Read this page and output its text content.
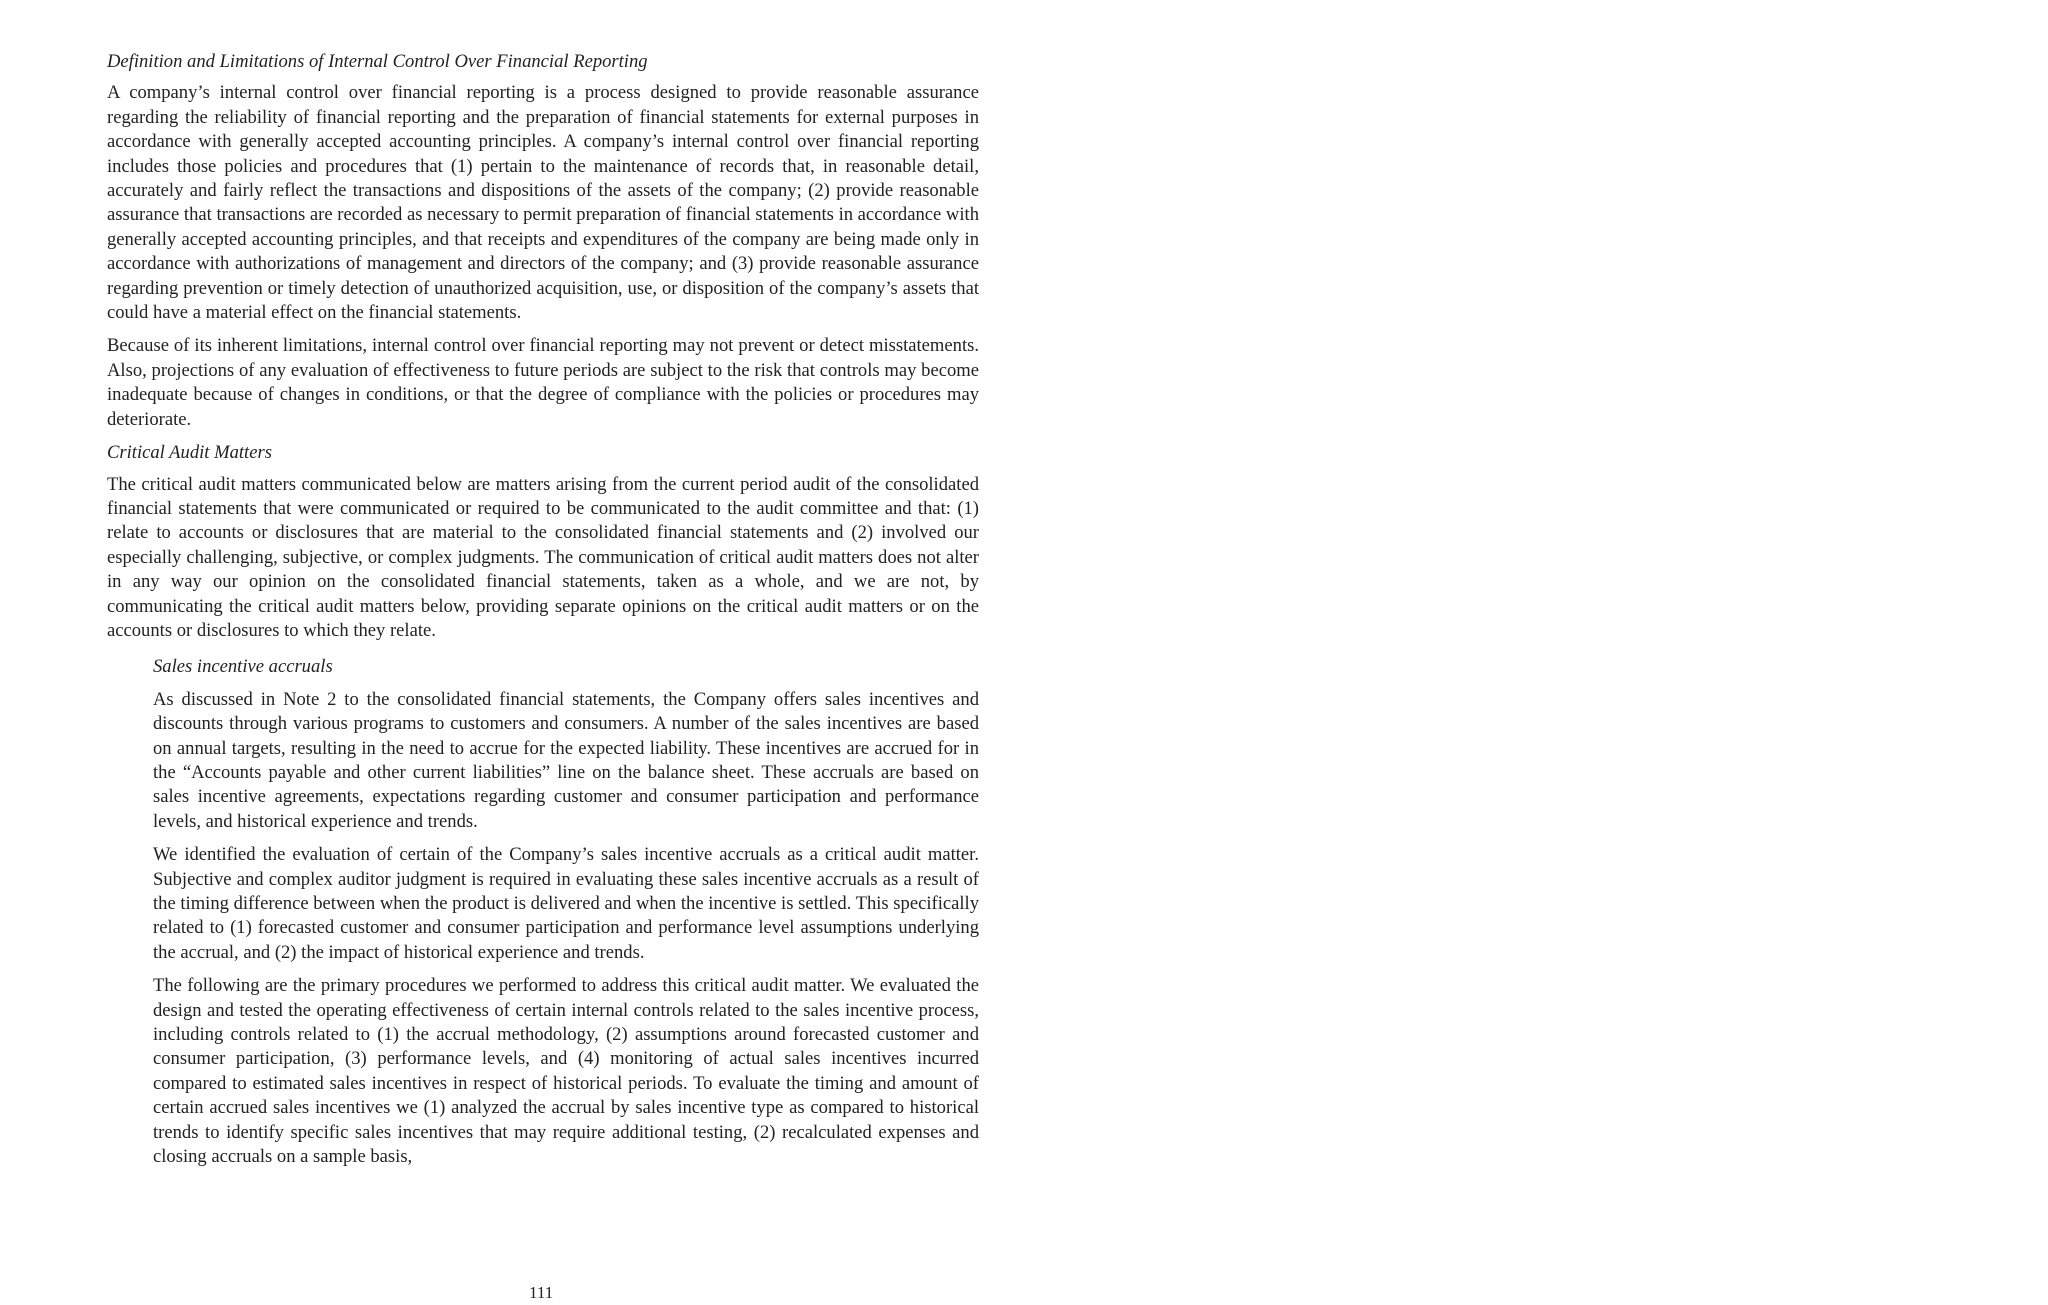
Definition and Limitations of Internal Control Over Financial Reporting

A company’s internal control over financial reporting is a process designed to provide reasonable assurance regarding the reliability of financial reporting and the preparation of financial statements for external purposes in accordance with generally accepted accounting principles. A company’s internal control over financial reporting includes those policies and procedures that (1) pertain to the maintenance of records that, in reasonable detail, accurately and fairly reflect the transactions and dispositions of the assets of the company; (2) provide reasonable assurance that transactions are recorded as necessary to permit preparation of financial statements in accordance with generally accepted accounting principles, and that receipts and expenditures of the company are being made only in accordance with authorizations of management and directors of the company; and (3) provide reasonable assurance regarding prevention or timely detection of unauthorized acquisition, use, or disposition of the company’s assets that could have a material effect on the financial statements.

Because of its inherent limitations, internal control over financial reporting may not prevent or detect misstatements. Also, projections of any evaluation of effectiveness to future periods are subject to the risk that controls may become inadequate because of changes in conditions, or that the degree of compliance with the policies or procedures may deteriorate.

Critical Audit Matters

The critical audit matters communicated below are matters arising from the current period audit of the consolidated financial statements that were communicated or required to be communicated to the audit committee and that: (1) relate to accounts or disclosures that are material to the consolidated financial statements and (2) involved our especially challenging, subjective, or complex judgments. The communication of critical audit matters does not alter in any way our opinion on the consolidated financial statements, taken as a whole, and we are not, by communicating the critical audit matters below, providing separate opinions on the critical audit matters or on the accounts or disclosures to which they relate.

Sales incentive accruals

As discussed in Note 2 to the consolidated financial statements, the Company offers sales incentives and discounts through various programs to customers and consumers. A number of the sales incentives are based on annual targets, resulting in the need to accrue for the expected liability. These incentives are accrued for in the “Accounts payable and other current liabilities” line on the balance sheet. These accruals are based on sales incentive agreements, expectations regarding customer and consumer participation and performance levels, and historical experience and trends.

We identified the evaluation of certain of the Company’s sales incentive accruals as a critical audit matter. Subjective and complex auditor judgment is required in evaluating these sales incentive accruals as a result of the timing difference between when the product is delivered and when the incentive is settled. This specifically related to (1) forecasted customer and consumer participation and performance level assumptions underlying the accrual, and (2) the impact of historical experience and trends.

The following are the primary procedures we performed to address this critical audit matter. We evaluated the design and tested the operating effectiveness of certain internal controls related to the sales incentive process, including controls related to (1) the accrual methodology, (2) assumptions around forecasted customer and consumer participation, (3) performance levels, and (4) monitoring of actual sales incentives incurred compared to estimated sales incentives in respect of historical periods. To evaluate the timing and amount of certain accrued sales incentives we (1) analyzed the accrual by sales incentive type as compared to historical trends to identify specific sales incentives that may require additional testing, (2) recalculated expenses and closing accruals on a sample basis,

111
